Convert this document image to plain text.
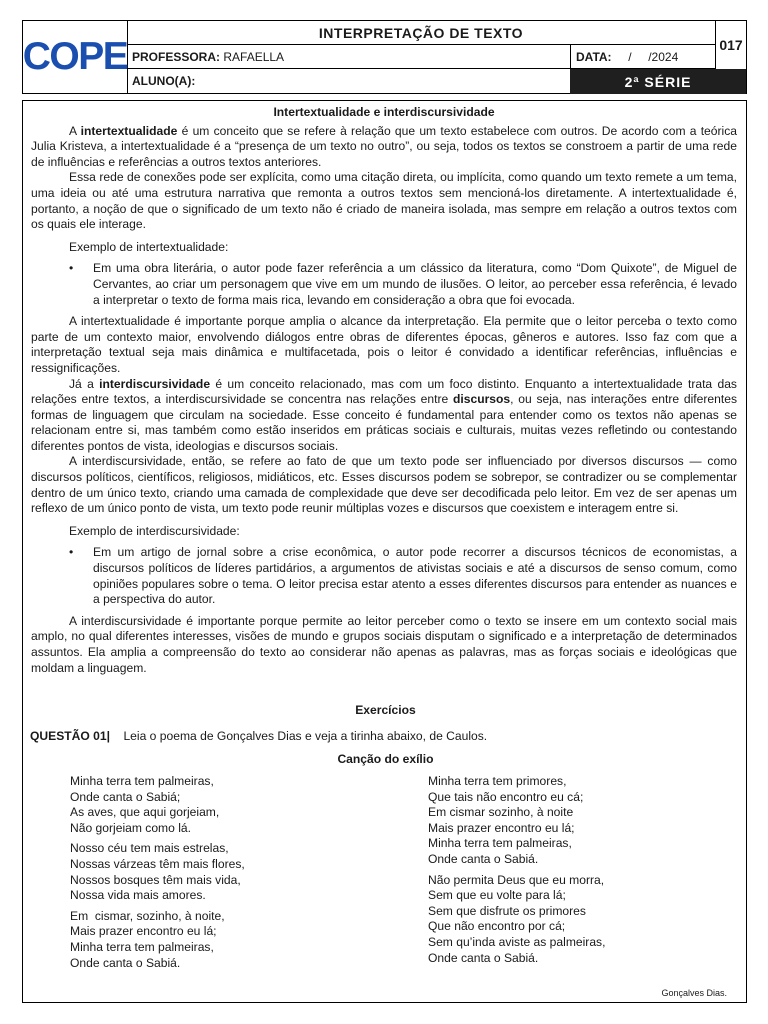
COPE
INTERPRETAÇÃO DE TEXTO
PROFESSORA:
RAFAELLA	DATA:
/     /2024
ALUNO(A):	2ª SÉRIE
017

Intertextualidade e interdiscursividade

A intertextualidade é um conceito que se refere à relação que um texto estabelece com outros. De acordo com a teórica Julia Kristeva, a intertextualidade é a “presença de um texto no outro”, ou seja, todos os textos se constroem a partir de uma rede de influências e referências a outros textos anteriores.

Essa rede de conexões pode ser explícita, como uma citação direta, ou implícita, como quando um texto remete a um tema, uma ideia ou até uma estrutura narrativa que remonta a outros textos sem mencioná-los diretamente. A intertextualidade é, portanto, a noção de que o significado de um texto não é criado de maneira isolada, mas sempre em relação a outros textos com os quais ele interage.

Exemplo de intertextualidade:
• Em uma obra literária, o autor pode fazer referência a um clássico da literatura, como “Dom Quixote”, de Miguel de Cervantes, ao criar um personagem que vive em um mundo de ilusões. O leitor, ao perceber essa referência, é levado a interpretar o texto de forma mais rica, levando em consideração a obra que foi evocada.

A intertextualidade é importante porque amplia o alcance da interpretação. Ela permite que o leitor perceba o texto como parte de um contexto maior, envolvendo diálogos entre obras de diferentes épocas, gêneros e autores. Isso faz com que a interpretação textual seja mais dinâmica e multifacetada, pois o leitor é convidado a identificar referências, influências e ressignificações.

Já a interdiscursividade é um conceito relacionado, mas com um foco distinto. Enquanto a intertextualidade trata das relações entre textos, a interdiscursividade se concentra nas relações entre discursos, ou seja, nas interações entre diferentes formas de linguagem que circulam na sociedade. Esse conceito é fundamental para entender como os textos não apenas se relacionam entre si, mas também como estão inseridos em práticas sociais e culturais, muitas vezes refletindo ou contestando diferentes pontos de vista, ideologias e discursos sociais.

A interdiscursividade, então, se refere ao fato de que um texto pode ser influenciado por diversos discursos — como discursos políticos, científicos, religiosos, midiáticos, etc. Esses discursos podem se sobrepor, se contradizer ou se complementar dentro de um único texto, criando uma camada de complexidade que deve ser decodificada pelo leitor. Em vez de ser apenas um reflexo de um único ponto de vista, um texto pode reunir múltiplas vozes e discursos que coexistem e interagem entre si.

Exemplo de interdiscursividade:
• Em um artigo de jornal sobre a crise econômica, o autor pode recorrer a discursos técnicos de economistas, a discursos políticos de líderes partidários, a argumentos de ativistas sociais e até a discursos de senso comum, como opiniões populares sobre o tema. O leitor precisa estar atento a esses diferentes discursos para entender as nuances e a perspectiva do autor.

A interdiscursividade é importante porque permite ao leitor perceber como o texto se insere em um contexto social mais amplo, no qual diferentes interesses, visões de mundo e grupos sociais disputam o significado e a interpretação de determinados assuntos. Ela amplia a compreensão do texto ao considerar não apenas as palavras, mas as forças sociais e ideológicas que moldam a linguagem.

Exercícios
QUESTÃO 01| Leia o poema de Gonçalves Dias e veja a tirinha abaixo, de Caulos.
Canção do exílio
Minha terra tem palmeiras,
Onde canta o Sabiá;
As aves, que aqui gorjeiam,
Não gorjeiam como lá.
Nosso céu tem mais estrelas,
Nossas várzeas têm mais flores,
Nossos bosques têm mais vida,
Nossa vida mais amores.
Em  cismar, sozinho, à noite,
Mais prazer encontro eu lá;
Minha terra tem palmeiras,
Onde canta o Sabiá.
Minha terra tem primores,
Que tais não encontro eu cá;
Em cismar sozinho, à noite
Mais prazer encontro eu lá;
Minha terra tem palmeiras,
Onde canta o Sabiá.
Não permita Deus que eu morra,
Sem que eu volte para lá;
Sem que disfrute os primores
Que não encontro por cá;
Sem qu’inda aviste as palmeiras,
Onde canta o Sabiá.
Gonçalves Dias.
